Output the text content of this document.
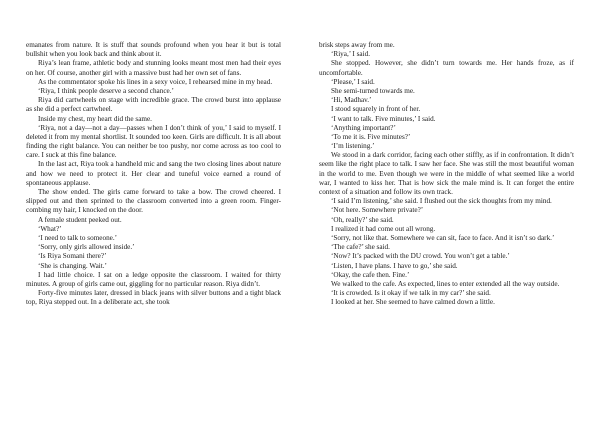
emanates from nature. It is stuff that sounds profound when you hear it but is total bullshit when you look back and think about it.

Riya’s lean frame, athletic body and stunning looks meant most men had their eyes on her. Of course, another girl with a massive bust had her own set of fans.

As the commentator spoke his lines in a sexy voice, I rehearsed mine in my head.

‘Riya, I think people deserve a second chance.’

Riya did cartwheels on stage with incredible grace. The crowd burst into applause as she did a perfect cartwheel.

Inside my chest, my heart did the same.

‘Riya, not a day—not a day—passes when I don’t think of you,’ I said to myself. I deleted it from my mental shortlist. It sounded too keen. Girls are difficult. It is all about finding the right balance. You can neither be too pushy, nor come across as too cool to care. I suck at this fine balance.

In the last act, Riya took a handheld mic and sang the two closing lines about nature and how we need to protect it. Her clear and tuneful voice earned a round of spontaneous applause.

The show ended. The girls came forward to take a bow. The crowd cheered. I slipped out and then sprinted to the classroom converted into a green room. Finger-combing my hair, I knocked on the door.

A female student peeked out.

‘What?’

‘I need to talk to someone.’

‘Sorry, only girls allowed inside.’

‘Is Riya Somani there?’

‘She is changing. Wait.’

I had little choice. I sat on a ledge opposite the classroom. I waited for thirty minutes. A group of girls came out, giggling for no particular reason. Riya didn’t.

Forty-five minutes later, dressed in black jeans with silver buttons and a tight black top, Riya stepped out. In a deliberate act, she took

brisk steps away from me.

‘Riya,’ I said.

She stopped. However, she didn’t turn towards me. Her hands froze, as if uncomfortable.

‘Please,’ I said.

She semi-turned towards me.

‘Hi, Madhav.’

I stood squarely in front of her.

‘I want to talk. Five minutes,’ I said.

‘Anything important?’

‘To me it is. Five minutes?’

‘I’m listening.’

We stood in a dark corridor, facing each other stiffly, as if in confrontation. It didn’t seem like the right place to talk. I saw her face. She was still the most beautiful woman in the world to me. Even though we were in the middle of what seemed like a world war, I wanted to kiss her. That is how sick the male mind is. It can forget the entire context of a situation and follow its own track.

‘I said I’m listening,’ she said. I flushed out the sick thoughts from my mind.

‘Not here. Somewhere private?’

‘Oh, really?’ she said.

I realized it had come out all wrong.

‘Sorry, not like that. Somewhere we can sit, face to face. And it isn’t so dark.’

‘The cafe?’ she said.

‘Now? It’s packed with the DU crowd. You won’t get a table.’

‘Listen, I have plans. I have to go,’ she said.

‘Okay, the cafe then. Fine.’

We walked to the cafe. As expected, lines to enter extended all the way outside.

‘It is crowded. Is it okay if we talk in my car?’ she said.

I looked at her. She seemed to have calmed down a little.
